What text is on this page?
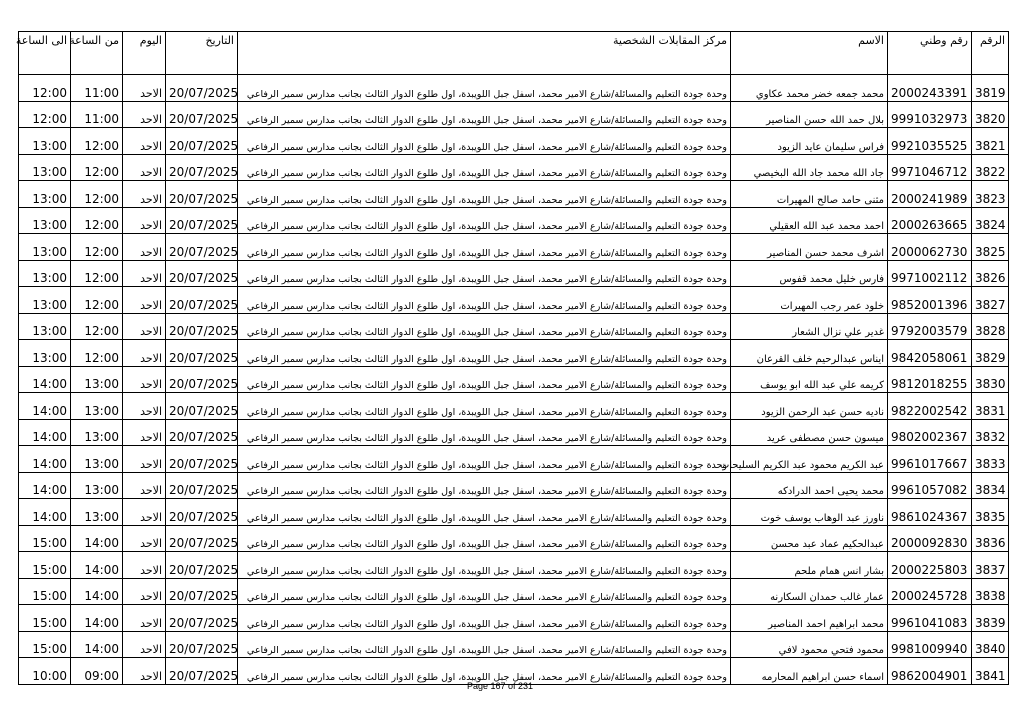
الى الساعة	من الساعة	اليوم	التاريخ	مركز المقابلات الشخصية	الاسم	رقم وطني	الرقم
12:00	11:00	الاحد	20/07/2025	وحدة جودة التعليم والمسائلة/شارع الامير محمد، اسفل جبل اللويبدة، اول طلوع الدوار الثالث بجانب مدارس سمير الرفاعي	محمد جمعه خضر محمد عكاوي	2000243391	3819
12:00	11:00	الاحد	20/07/2025	وحدة جودة التعليم والمسائلة/شارع الامير محمد، اسفل جبل اللويبدة، اول طلوع الدوار الثالث بجانب مدارس سمير الرفاعي	بلال حمد الله حسن المناصير	9991032973	3820
13:00	12:00	الاحد	20/07/2025	وحدة جودة التعليم والمسائلة/شارع الامير محمد، اسفل جبل اللويبدة، اول طلوع الدوار الثالث بجانب مدارس سمير الرفاعي	فراس سليمان عايد الزيود	9921035525	3821
13:00	12:00	الاحد	20/07/2025	وحدة جودة التعليم والمسائلة/شارع الامير محمد، اسفل جبل اللويبدة، اول طلوع الدوار الثالث بجانب مدارس سمير الرفاعي	جاد الله محمد جاد الله البخيصي	9971046712	3822
13:00	12:00	الاحد	20/07/2025	وحدة جودة التعليم والمسائلة/شارع الامير محمد، اسفل جبل اللويبدة، اول طلوع الدوار الثالث بجانب مدارس سمير الرفاعي	مثنى حامد صالح المهيرات	2000241989	3823
13:00	12:00	الاحد	20/07/2025	وحدة جودة التعليم والمسائلة/شارع الامير محمد، اسفل جبل اللويبدة، اول طلوع الدوار الثالث بجانب مدارس سمير الرفاعي	احمد محمد عبد الله العقيلي	2000263665	3824
13:00	12:00	الاحد	20/07/2025	وحدة جودة التعليم والمسائلة/شارع الامير محمد، اسفل جبل اللويبدة، اول طلوع الدوار الثالث بجانب مدارس سمير الرفاعي	اشرف محمد حسن المناصير	2000062730	3825
13:00	12:00	الاحد	20/07/2025	وحدة جودة التعليم والمسائلة/شارع الامير محمد، اسفل جبل اللويبدة، اول طلوع الدوار الثالث بجانب مدارس سمير الرفاعي	فارس خليل محمد قفوس	9971002112	3826
13:00	12:00	الاحد	20/07/2025	وحدة جودة التعليم والمسائلة/شارع الامير محمد، اسفل جبل اللويبدة، اول طلوع الدوار الثالث بجانب مدارس سمير الرفاعي	خلود عمر رجب المهيرات	9852001396	3827
13:00	12:00	الاحد	20/07/2025	وحدة جودة التعليم والمسائلة/شارع الامير محمد، اسفل جبل اللويبدة، اول طلوع الدوار الثالث بجانب مدارس سمير الرفاعي	غدير علي نزال الشعار	9792003579	3828
13:00	12:00	الاحد	20/07/2025	وحدة جودة التعليم والمسائلة/شارع الامير محمد، اسفل جبل اللويبدة، اول طلوع الدوار الثالث بجانب مدارس سمير الرفاعي	ايناس عبدالرحيم خلف القرعان	9842058061	3829
14:00	13:00	الاحد	20/07/2025	وحدة جودة التعليم والمسائلة/شارع الامير محمد، اسفل جبل اللويبدة، اول طلوع الدوار الثالث بجانب مدارس سمير الرفاعي	كريمه علي عبد الله ابو يوسف	9812018255	3830
14:00	13:00	الاحد	20/07/2025	وحدة جودة التعليم والمسائلة/شارع الامير محمد، اسفل جبل اللويبدة، اول طلوع الدوار الثالث بجانب مدارس سمير الرفاعي	ناديه حسن عبد الرحمن الزيود	9822002542	3831
14:00	13:00	الاحد	20/07/2025	وحدة جودة التعليم والمسائلة/شارع الامير محمد، اسفل جبل اللويبدة، اول طلوع الدوار الثالث بجانب مدارس سمير الرفاعي	ميسون حسن مصطفى عريد	9802002367	3832
14:00	13:00	الاحد	20/07/2025	وحدة جودة التعليم والمسائلة/شارع الامير محمد، اسفل جبل اللويبدة، اول طلوع الدوار الثالث بجانب مدارس سمير الرفاعي	عبد الكريم محمود عبد الكريم السليحات	9961017667	3833
14:00	13:00	الاحد	20/07/2025	وحدة جودة التعليم والمسائلة/شارع الامير محمد، اسفل جبل اللويبدة، اول طلوع الدوار الثالث بجانب مدارس سمير الرفاعي	محمد يحيى احمد الدرادكه	9961057082	3834
14:00	13:00	الاحد	20/07/2025	وحدة جودة التعليم والمسائلة/شارع الامير محمد، اسفل جبل اللويبدة، اول طلوع الدوار الثالث بجانب مدارس سمير الرفاعي	ناورز عبد الوهاب يوسف خوت	9861024367	3835
15:00	14:00	الاحد	20/07/2025	وحدة جودة التعليم والمسائلة/شارع الامير محمد، اسفل جبل اللويبدة، اول طلوع الدوار الثالث بجانب مدارس سمير الرفاعي	عبدالحكيم عماد عبد محسن	2000092830	3836
15:00	14:00	الاحد	20/07/2025	وحدة جودة التعليم والمسائلة/شارع الامير محمد، اسفل جبل اللويبدة، اول طلوع الدوار الثالث بجانب مدارس سمير الرفاعي	بشار انس همام ملحم	2000225803	3837
15:00	14:00	الاحد	20/07/2025	وحدة جودة التعليم والمسائلة/شارع الامير محمد، اسفل جبل اللويبدة، اول طلوع الدوار الثالث بجانب مدارس سمير الرفاعي	عمار غالب حمدان السكارنه	2000245728	3838
15:00	14:00	الاحد	20/07/2025	وحدة جودة التعليم والمسائلة/شارع الامير محمد، اسفل جبل اللويبدة، اول طلوع الدوار الثالث بجانب مدارس سمير الرفاعي	محمد ابراهيم احمد المناصير	9961041083	3839
15:00	14:00	الاحد	20/07/2025	وحدة جودة التعليم والمسائلة/شارع الامير محمد، اسفل جبل اللويبدة، اول طلوع الدوار الثالث بجانب مدارس سمير الرفاعي	محمود فتحي محمود لافي	9981009940	3840
10:00	09:00	الاحد	20/07/2025	وحدة جودة التعليم والمسائلة/شارع الامير محمد، اسفل جبل اللويبدة، اول طلوع الدوار الثالث بجانب مدارس سمير الرفاعي	اسماء حسن ابراهيم المحارمه	9862004901	3841
Page 167 of 231
